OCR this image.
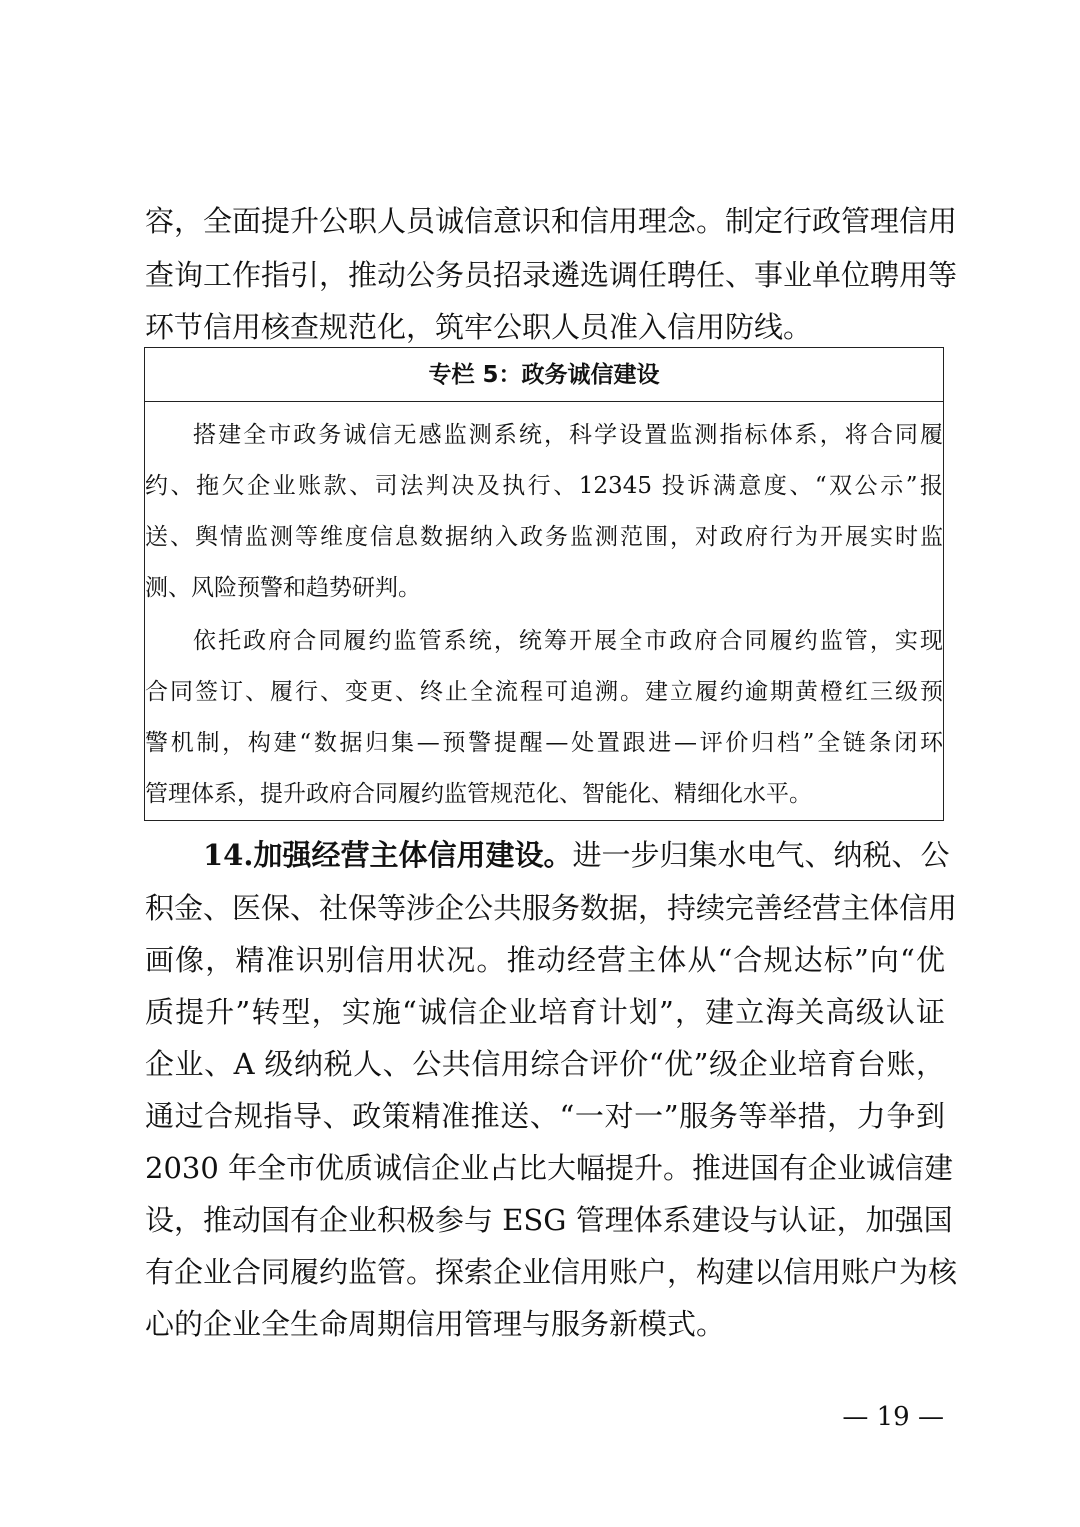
容，全面提升公职人员诚信意识和信用理念。制定行政管理信用
查询工作指引，推动公务员招录遴选调任聘任、事业单位聘用等
环节信用核查规范化，筑牢公职人员准入信用防线。
专栏 5：政务诚信建设
搭建全市政务诚信无感监测系统，科学设置监测指标体系，将合同履
约、拖欠企业账款、司法判决及执行、12345 投诉满意度、“双公示”报
送、舆情监测等维度信息数据纳入政务监测范围，对政府行为开展实时监
测、风险预警和趋势研判。
依托政府合同履约监管系统，统筹开展全市政府合同履约监管，实现
合同签订、履行、变更、终止全流程可追溯。建立履约逾期黄橙红三级预
警机制，构建“数据归集—预警提醒—处置跟进—评价归档”全链条闭环
管理体系，提升政府合同履约监管规范化、智能化、精细化水平。
14.加强经营主体信用建设。进一步归集水电气、纳税、公
积金、医保、社保等涉企公共服务数据，持续完善经营主体信用
画像，精准识别信用状况。推动经营主体从“合规达标”向“优
质提升”转型，实施“诚信企业培育计划”，建立海关高级认证
企业、A 级纳税人、公共信用综合评价“优”级企业培育台账，
通过合规指导、政策精准推送、“一对一”服务等举措，力争到
2030 年全市优质诚信企业占比大幅提升。推进国有企业诚信建
设，推动国有企业积极参与 ESG 管理体系建设与认证，加强国
有企业合同履约监管。探索企业信用账户，构建以信用账户为核
心的企业全生命周期信用管理与服务新模式。
— 19 —
